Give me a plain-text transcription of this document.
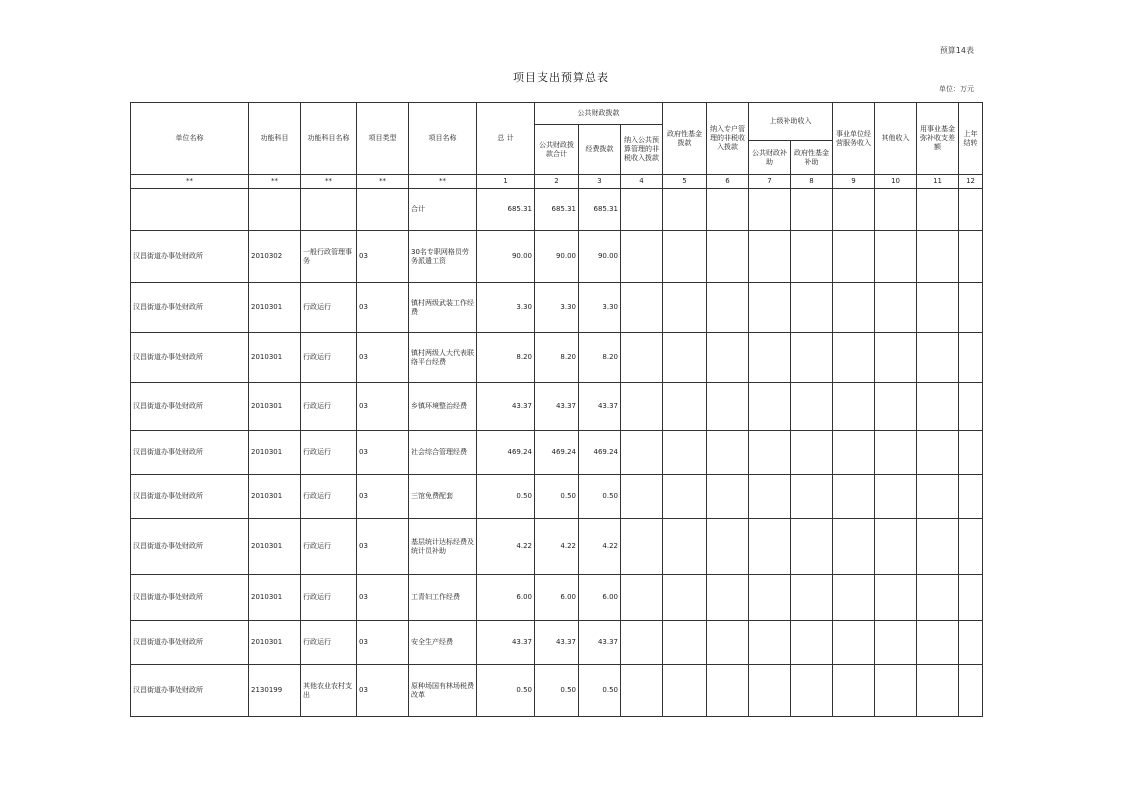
预算14表
项目支出预算总表
单位：万元
单位名称	功能科目	功能科目名称	项目类型	项目名称	总 计	公共财政拨款			政府性基金拨款	纳入专户管理的非税收入拨款	上级补助收入		事业单位经营服务收入	其他收入	用事业基金弥补收支差额	上年结转
						公共财政拨款合计	经费拨款	纳入公共预算管理的非税收入拨款								
											公共财政补助	政府性基金补助				
**	**	**	**	**	1	2	3	4	5	6	7	8	9	10	11	12
				合计	685.31	685.31	685.31									
汉昌街道办事处财政所	2010302	一般行政管理事务	03	30名专职网格员劳务派遣工资	90.00	90.00	90.00									
汉昌街道办事处财政所	2010301	行政运行	03	镇村两级武装工作经费	3.30	3.30	3.30									
汉昌街道办事处财政所	2010301	行政运行	03	镇村两级人大代表联络平台经费	8.20	8.20	8.20									
汉昌街道办事处财政所	2010301	行政运行	03	乡镇环境整治经费	43.37	43.37	43.37									
汉昌街道办事处财政所	2010301	行政运行	03	社会综合管理经费	469.24	469.24	469.24									
汉昌街道办事处财政所	2010301	行政运行	03	三馆免费配套	0.50	0.50	0.50									
汉昌街道办事处财政所	2010301	行政运行	03	基层统计达标经费及统计员补助	4.22	4.22	4.22									
汉昌街道办事处财政所	2010301	行政运行	03	工青妇工作经费	6.00	6.00	6.00									
汉昌街道办事处财政所	2010301	行政运行	03	安全生产经费	43.37	43.37	43.37									
汉昌街道办事处财政所	2130199	其他农业农村支出	03	原种场国有林场税费改革	0.50	0.50	0.50									
